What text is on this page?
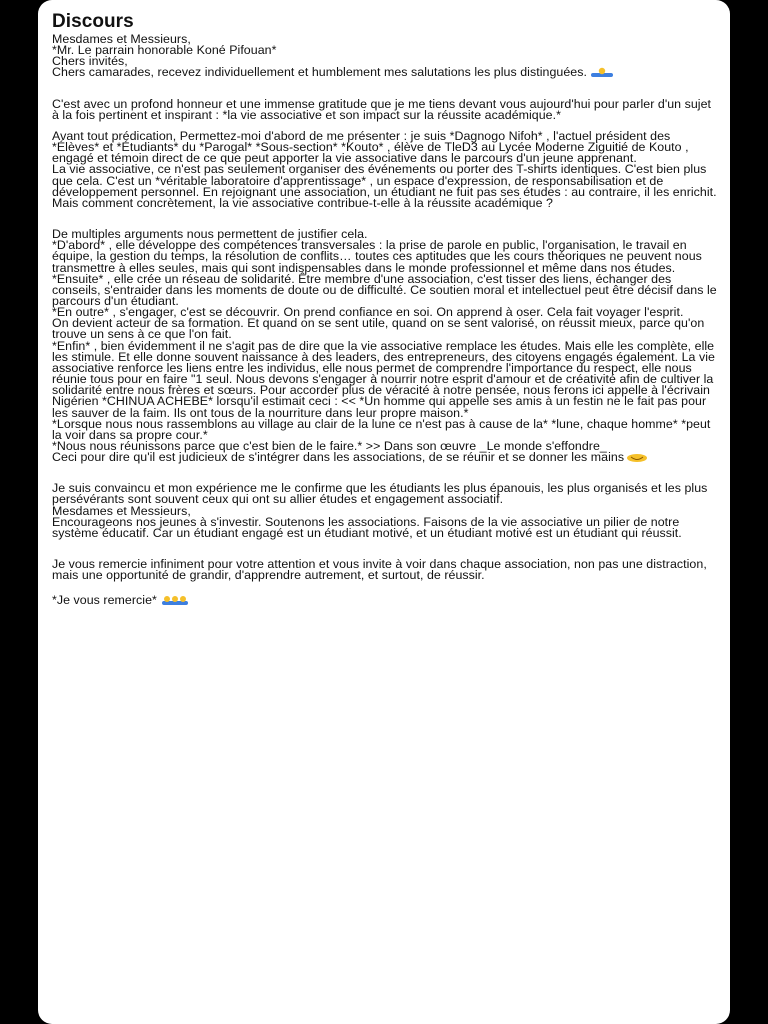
Discours
Mesdames et Messieurs,
*Mr. Le parrain honorable Koné Pifouan*
Chers invités,
Chers camarades, recevez individuellement et humblement mes salutations les plus distinguées.
C'est avec un profond honneur et une immense gratitude que je me tiens devant vous aujourd'hui pour parler d'un sujet à la fois pertinent et inspirant : *la vie associative et son impact sur la réussite académique.*
Avant tout prédication, Permettez-moi d'abord de me présenter : je suis *Dagnogo Nifoh* , l'actuel président des *Élèves* et *Étudiants* du *Parogal* *Sous-section* *Kouto* , élève de TleD3 au Lycée Moderne Ziguitié de Kouto , engagé et témoin direct de ce que peut apporter la vie associative dans le parcours d'un jeune apprenant.
La vie associative, ce n'est pas seulement organiser des événements ou porter des T-shirts identiques. C'est bien plus que cela. C'est un *véritable laboratoire d'apprentissage* , un espace d'expression, de responsabilisation et de développement personnel. En rejoignant une association, un étudiant ne fuit pas ses études : au contraire, il les enrichit.
Mais comment concrètement, la vie associative contribue-t-elle à la réussite académique ?
De multiples arguments nous permettent de justifier cela.
*D'abord* , elle développe des compétences transversales : la prise de parole en public, l'organisation, le travail en équipe, la gestion du temps, la résolution de conflits… toutes ces aptitudes que les cours théoriques ne peuvent nous transmettre à elles seules, mais qui sont indispensables dans le monde professionnel et même dans nos études.
*Ensuite* , elle crée un réseau de solidarité. Être membre d'une association, c'est tisser des liens, échanger des conseils, s'entraider dans les moments de doute ou de difficulté. Ce soutien moral et intellectuel peut être décisif dans le parcours d'un étudiant.
*En outre* , s'engager, c'est se découvrir. On prend confiance en soi. On apprend à oser. Cela fait voyager l'esprit.
On devient acteur de sa formation. Et quand on se sent utile, quand on se sent valorisé, on réussit mieux, parce qu'on trouve un sens à ce que l'on fait.
*Enfin* , bien évidemment il ne s'agit pas de dire que la vie associative remplace les études. Mais elle les complète, elle les stimule. Et elle donne souvent naissance à des leaders, des entrepreneurs, des citoyens engagés également. La vie associative renforce les liens entre les individus, elle nous permet de comprendre l'importance du respect, elle nous réunie tous pour en faire "1 seul. Nous devons s'engager à nourrir notre esprit d'amour et de créativité afin de cultiver la solidarité entre nous frères et sœurs. Pour accorder plus de véracité à notre pensée, nous ferons ici appelle à l'écrivain Nigérien *CHINUA ACHEBE* lorsqu'il estimait ceci : << *Un homme qui appelle ses amis à un festin ne le fait pas pour les sauver de la faim. Ils ont tous de la nourriture dans leur propre maison.*
*Lorsque nous nous rassemblons au village au clair de la lune ce n'est pas à cause de la* *lune, chaque homme* *peut la voir dans sa propre cour.*
*Nous nous réunissons parce que c'est bien de le faire.* >> Dans son œuvre _Le monde s'effondre_
Ceci pour dire qu'il est judicieux de s'intégrer dans les associations, de se réunir et se donner les mains
Je suis convaincu et mon expérience me le confirme que les étudiants les plus épanouis, les plus organisés et les plus persévérants sont souvent ceux qui ont su allier études et engagement associatif.
Mesdames et Messieurs,
Encourageons nos jeunes à s'investir. Soutenons les associations. Faisons de la vie associative un pilier de notre système éducatif. Car un étudiant engagé est un étudiant motivé, et un étudiant motivé est un étudiant qui réussit.
Je vous remercie infiniment pour votre attention et vous invite à voir dans chaque association, non pas une distraction, mais une opportunité de grandir, d'apprendre autrement, et surtout, de réussir.
*Je vous remercie*
